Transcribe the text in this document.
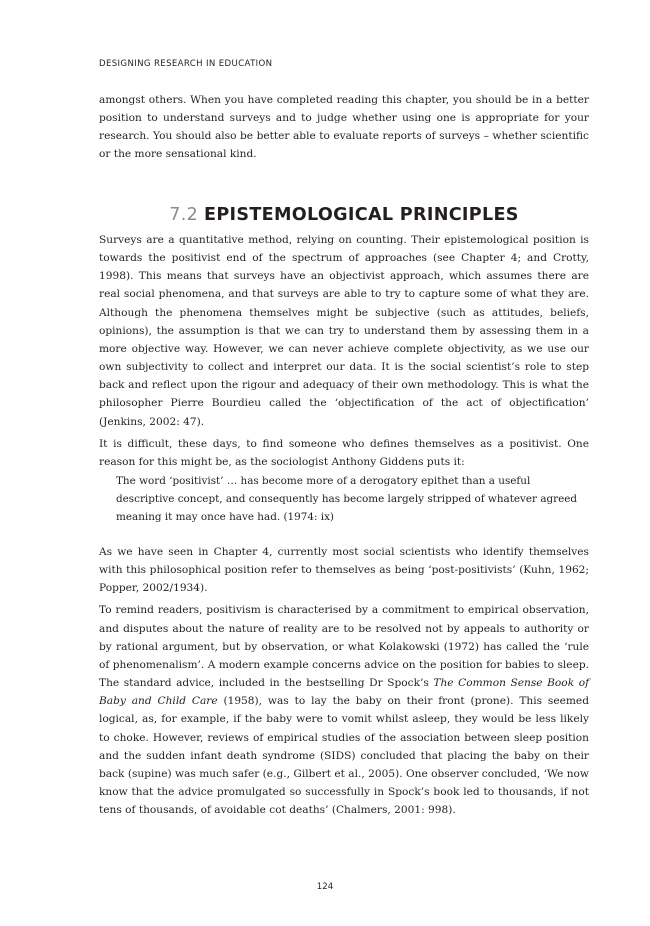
DESIGNING RESEARCH IN EDUCATION

amongst others. When you have completed reading this chapter, you should be in a better position to understand surveys and to judge whether using one is appropriate for your research. You should also be better able to evaluate reports of surveys – whether scientific or the more sensational kind.

7.2 EPISTEMOLOGICAL PRINCIPLES

Surveys are a quantitative method, relying on counting. Their epistemological position is towards the positivist end of the spectrum of approaches (see Chapter 4; and Crotty, 1998). This means that surveys have an objectivist approach, which assumes there are real social phenomena, and that surveys are able to try to capture some of what they are. Although the phenomena themselves might be subjective (such as attitudes, beliefs, opinions), the assumption is that we can try to understand them by assessing them in a more objective way. However, we can never achieve complete objectivity, as we use our own subjectivity to collect and interpret our data. It is the social scientist’s role to step back and reflect upon the rigour and adequacy of their own methodology. This is what the philosopher Pierre Bourdieu called the ‘objectification of the act of objectification’ (Jenkins, 2002: 47).

It is difficult, these days, to find someone who defines themselves as a positivist. One reason for this might be, as the sociologist Anthony Giddens puts it:

The word ‘positivist’ … has become more of a derogatory epithet than a useful descriptive concept, and consequently has become largely stripped of whatever agreed meaning it may once have had. (1974: ix)

As we have seen in Chapter 4, currently most social scientists who identify themselves with this philosophical position refer to themselves as being ‘post-positivists’ (Kuhn, 1962; Popper, 2002/1934).

To remind readers, positivism is characterised by a commitment to empirical observation, and disputes about the nature of reality are to be resolved not by appeals to authority or by rational argument, but by observation, or what Kolakowski (1972) has called the ‘rule of phenomenalism’. A modern example concerns advice on the position for babies to sleep. The standard advice, included in the bestselling Dr Spock’s The Common Sense Book of Baby and Child Care (1958), was to lay the baby on their front (prone). This seemed logical, as, for example, if the baby were to vomit whilst asleep, they would be less likely to choke. However, reviews of empirical studies of the association between sleep position and the sudden infant death syndrome (SIDS) concluded that placing the baby on their back (supine) was much safer (e.g., Gilbert et al., 2005). One observer concluded, ‘We now know that the advice promulgated so successfully in Spock’s book led to thousands, if not tens of thousands, of avoidable cot deaths’ (Chalmers, 2001: 998).

124
